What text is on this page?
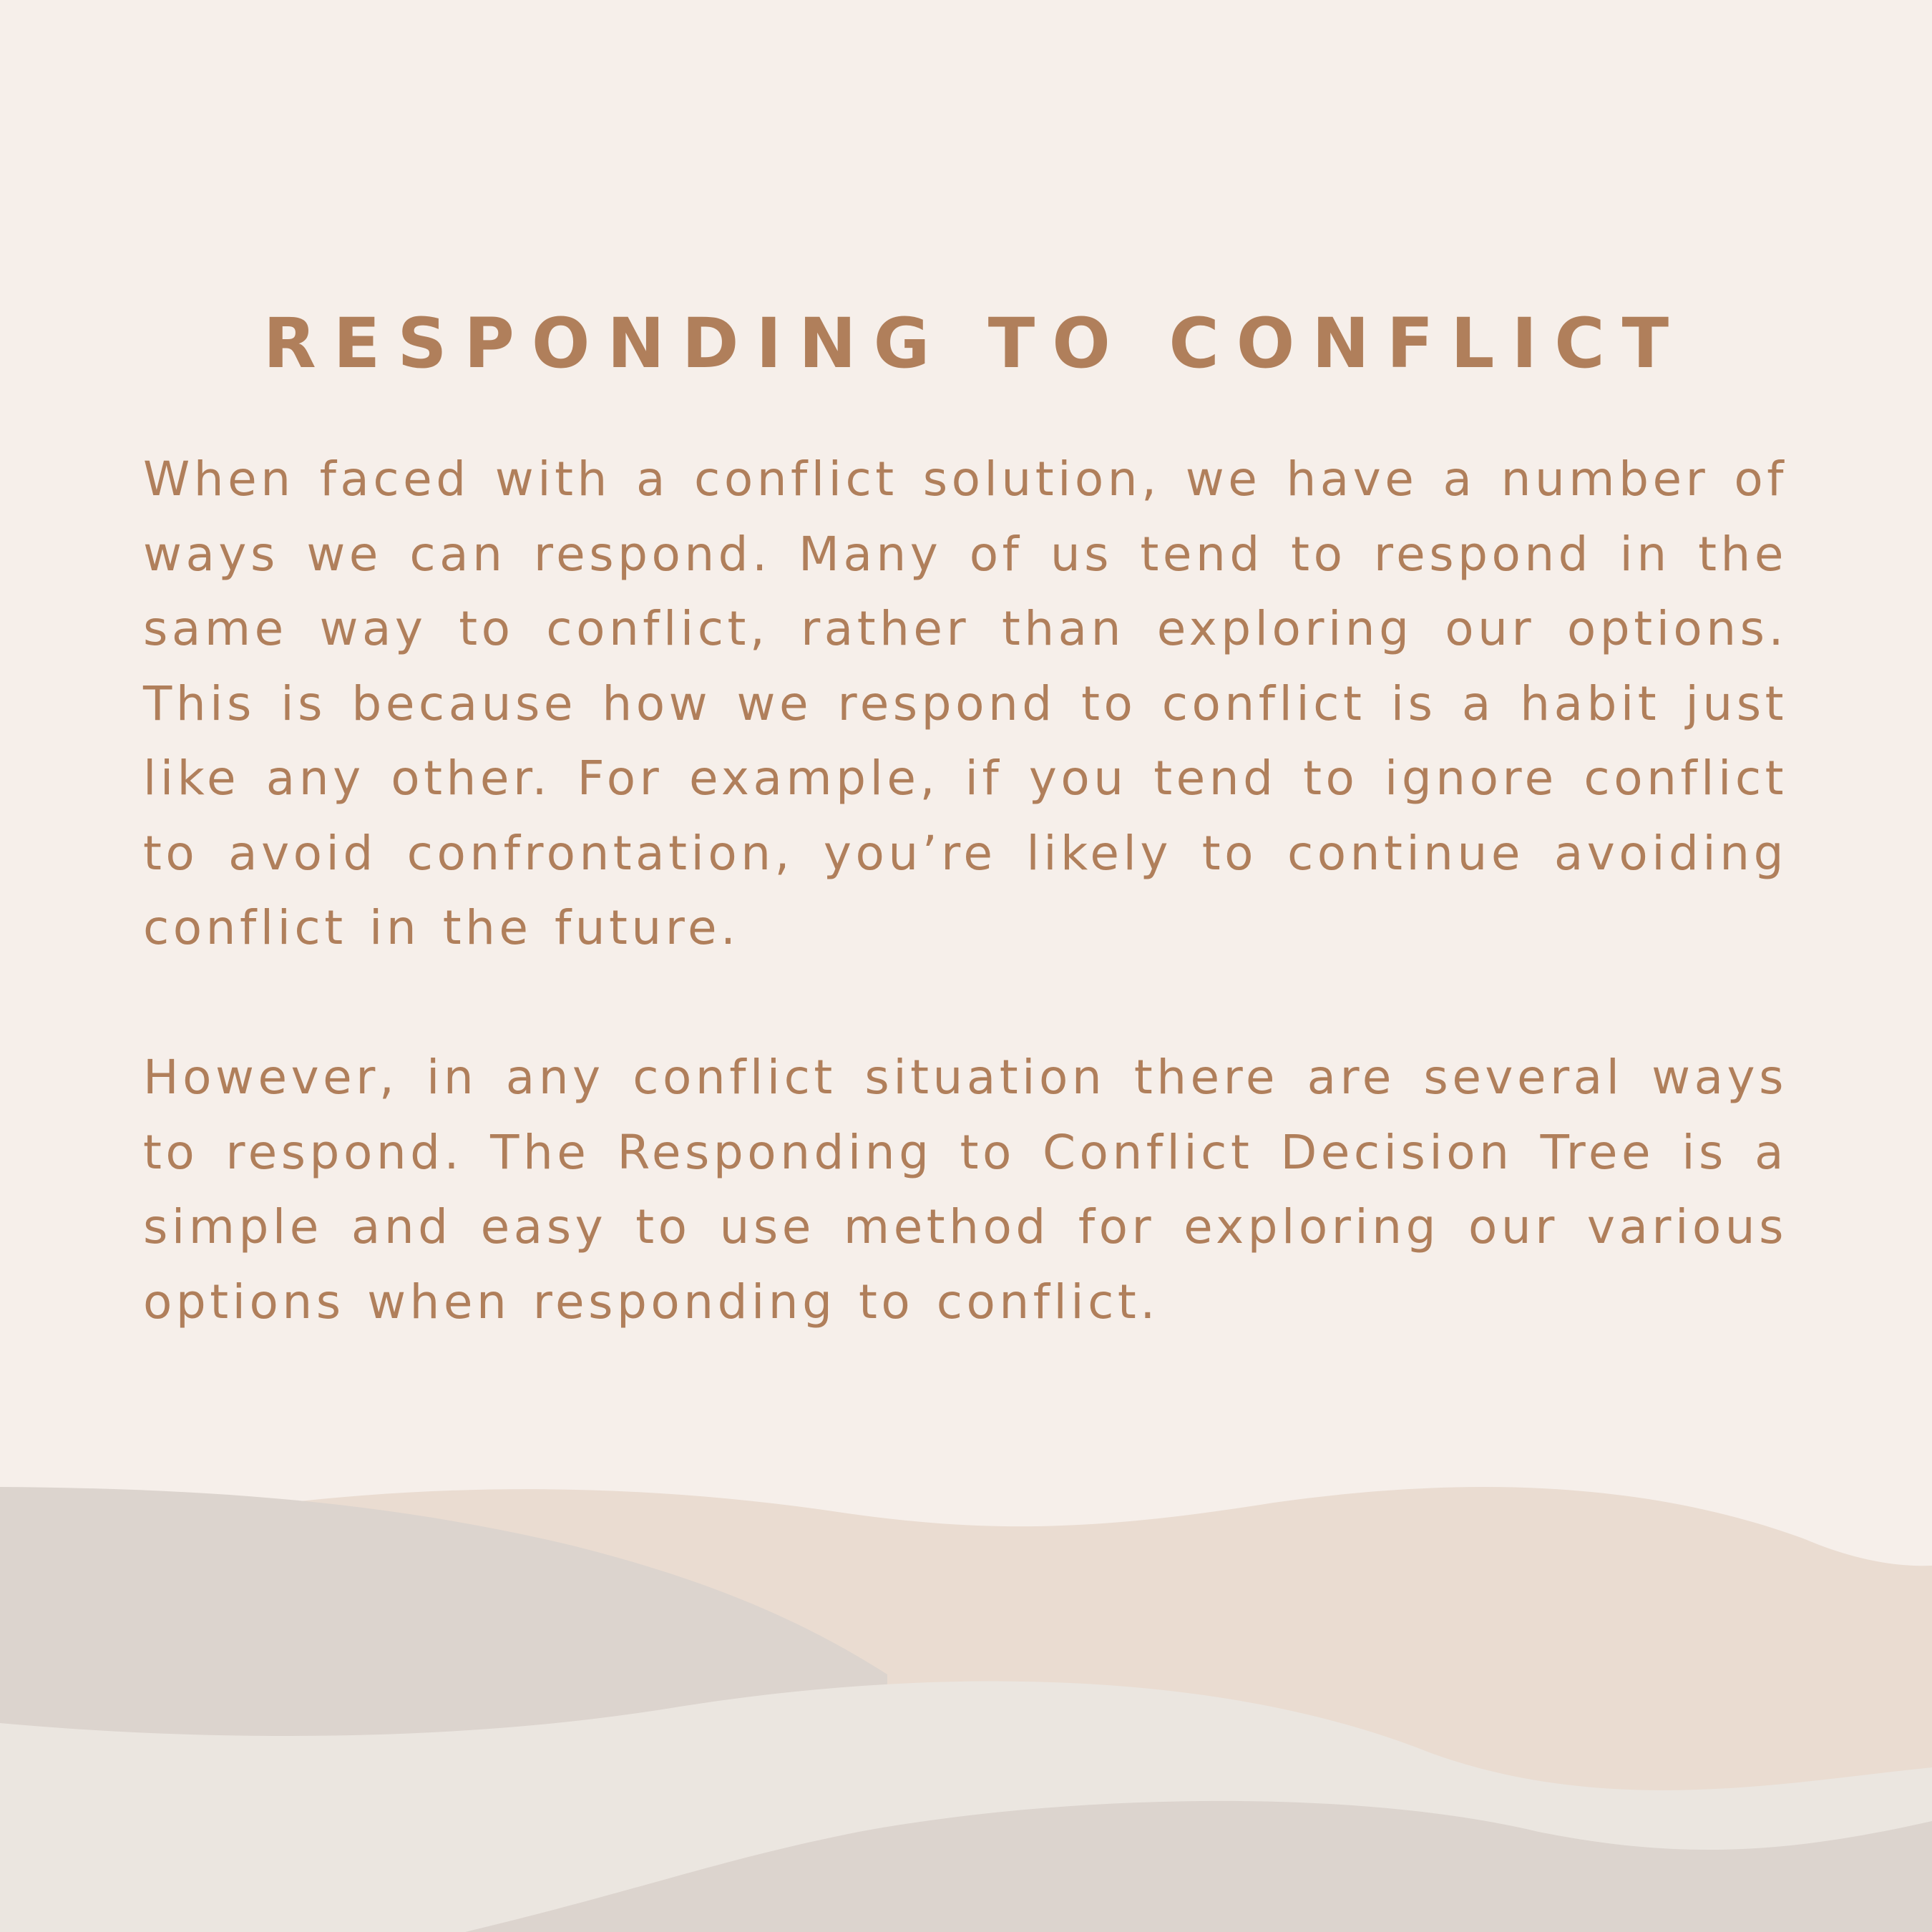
RESPONDING TO CONFLICT

When faced with a conflict solution, we have a number of ways we can respond. Many of us tend to respond in the same way to conflict, rather than exploring our options. This is because how we respond to conflict is a habit just like any other. For example, if you tend to ignore conflict to avoid confrontation, you’re likely to continue avoiding conflict in the future.

However, in any conflict situation there are several ways to respond. The Responding to Conflict Decision Tree is a simple and easy to use method for exploring our various options when responding to conflict.
